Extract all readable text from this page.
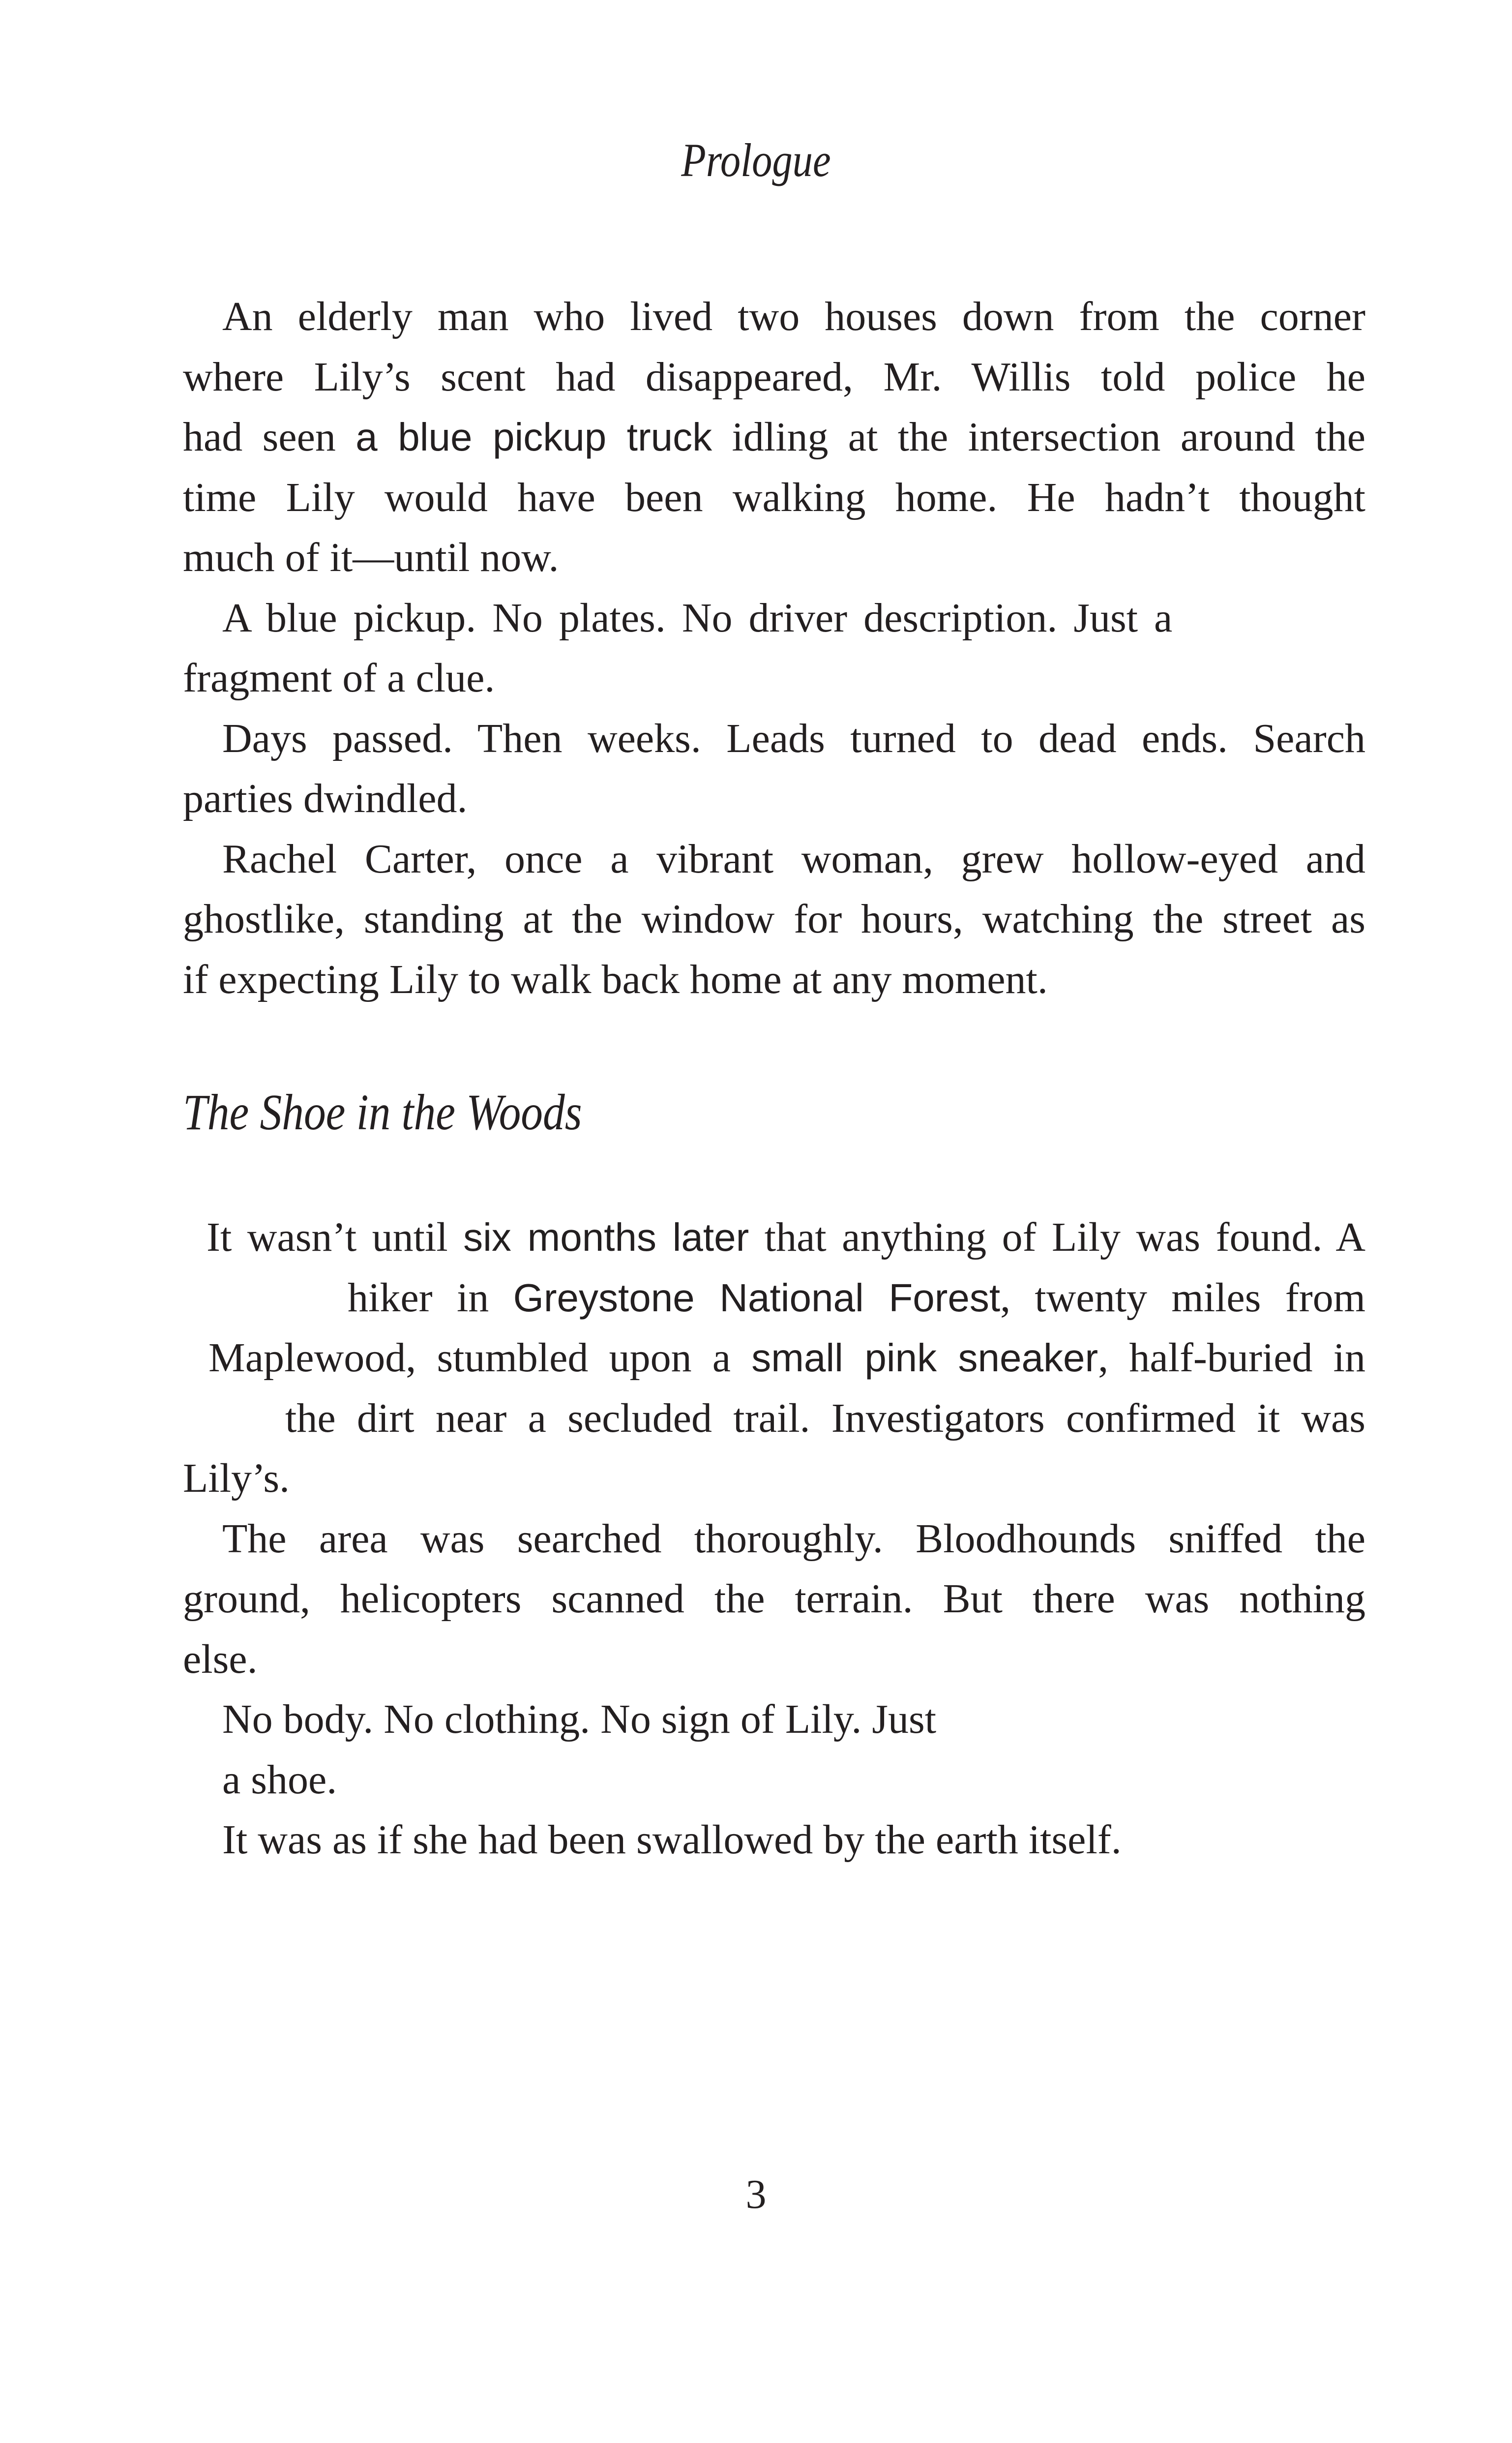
Prologue
An elderly man who lived two houses down from the corner
where Lily’s scent had disappeared, Mr. Willis told police he
had seen a blue pickup truck idling at the intersection around the
time Lily would have been walking home. He hadn’t thought
much of it—until now.
A blue pickup. No plates. No driver description. Just a
fragment of a clue.
Days passed. Then weeks. Leads turned to dead ends. Search
parties dwindled.
Rachel Carter, once a vibrant woman, grew hollow-eyed and
ghostlike, standing at the window for hours, watching the street as
if expecting Lily to walk back home at any moment.
The Shoe in the Woods
It wasn’t until six months later that anything of Lily was found. A
hiker in Greystone National Forest, twenty miles from
Maplewood, stumbled upon a small pink sneaker, half-buried in
the dirt near a secluded trail. Investigators confirmed it was
Lily’s.
The area was searched thoroughly. Bloodhounds sniffed the
ground, helicopters scanned the terrain. But there was nothing
else.
No body. No clothing. No sign of Lily. Just
a shoe.
It was as if she had been swallowed by the earth itself.
3
